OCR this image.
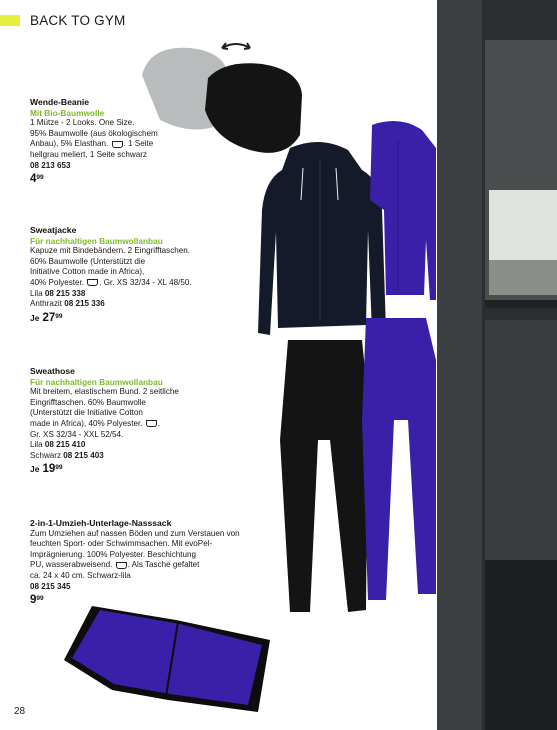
BACK TO GYM
Wende-Beanie
Mit Bio-Baumwolle
1 Mütze - 2 Looks. One Size.
95% Baumwolle (aus ökologischem
Anbau), 5% Elasthan. . 1 Seite
hellgrau meliert, 1 Seite schwarz
08 213 653
$4^{99}$
Sweatjacke
Für nachhaltigen Baumwollanbau
Kapuze mit Bindebändern. 2 Eingrifftaschen.
60% Baumwolle (Unterstützt die
Initiative Cotton made in Africa),
40% Polyester. . Gr. XS 32/34 - XL 48/50.
Lila 08 215 338
Anthrazit 08 215 336
Je $27^{99}$
Sweathose
Für nachhaltigen Baumwollanbau
Mit breitem, elastischem Bund. 2 seitliche
Eingrifftaschen. 60% Baumwolle
(Unterstützt die Initiative Cotton
made in Africa), 40% Polyester. .
Gr. XS 32/34 - XXL 52/54.
Lila 08 215 410
Schwarz 08 215 403
Je $19^{99}$
2-in-1-Umzieh-Unterlage-Nasssack
Zum Umziehen auf nassen Böden und zum Verstauen von
feuchten Sport- oder Schwimmsachen. Mit evoPel-
Imprägnierung. 100% Polyester. Beschichtung
PU, wasserabweisend. . Als Tasche gefaltet
ca. 24 x 40 cm. Schwarz-lila
08 215 345
$9^{99}$
28
